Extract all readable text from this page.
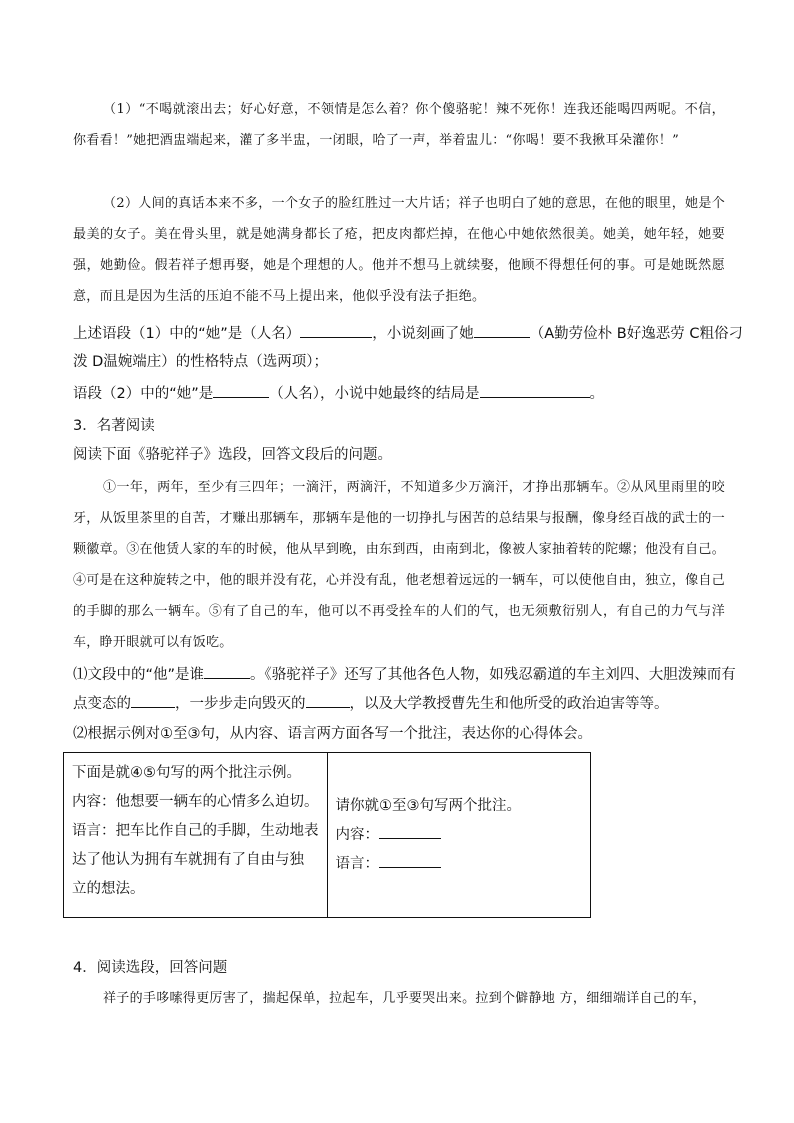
（1）“不喝就滚出去；好心好意，不领情是怎么着？你个傻骆驼！辣不死你！连我还能喝四两呢。不信，你看看！”她把酒盅端起来，灌了多半盅，一闭眼，哈了一声，举着盅儿：“你喝！要不我揪耳朵灌你！”
（2）人间的真话本来不多，一个女子的脸红胜过一大片话；祥子也明白了她的意思，在他的眼里，她是个最美的女子。美在骨头里，就是她满身都长了疮，把皮肉都烂掉，在他心中她依然很美。她美，她年轻，她要强，她勤俭。假若祥子想再娶，她是个理想的人。他并不想马上就续娶，他顾不得想任何的事。可是她既然愿意，而且是因为生活的压迫不能不马上提出来，他似乎没有法子拒绝。
上述语段（1）中的“她”是（人名）	，小说刻画了她	（A勤劳俭朴 B好逸恶劳 C粗俗刁
泼 D温婉端庄）的性格特点（选两项）；
语段（2）中的“她”是	（人名），小说中她最终的结局是	。
3．名著阅读
阅读下面《骆驼祥子》选段，回答文段后的问题。
①一年，两年，至少有三四年；一滴汗，两滴汗，不知道多少万滴汗，才挣出那辆车。②从风里雨里的咬牙，从饭里茶里的自苦，才赚出那辆车，那辆车是他的一切挣扎与困苦的总结果与报酬，像身经百战的武士的一颗徽章。③在他赁人家的车的时候，他从早到晚，由东到西，由南到北，像被人家抽着转的陀螺；他没有自己。④可是在这种旋转之中，他的眼并没有花，心并没有乱，他老想着远远的一辆车，可以使他自由，独立，像自己的手脚的那么一辆车。⑤有了自己的车，他可以不再受拴车的人们的气，也无须敷衍别人，有自己的力气与洋车，睁开眼就可以有饭吃。
⑴文段中的“他”是谁	。《骆驼祥子》还写了其他各色人物，如残忍霸道的车主刘四、大胆泼辣而有
点变态的	，一步步走向毁灭的	，以及大学教授曹先生和他所受的政治迫害等等。
⑵根据示例对①至③句，从内容、语言两方面各写一个批注，表达你的心得体会。
下面是就④⑤句写的两个批注示例。
内容：他想要一辆车的心情多么迫切。
语言：把车比作自己的手脚，生动地表
达了他认为拥有车就拥有了自由与独
立的想法。

请你就①至③句写两个批注。
内容：
语言：
4．阅读选段，回答问题
祥子的手哆嗦得更厉害了，揣起保单，拉起车，几乎要哭出来。拉到个僻静地 方，细细端详自己的车，
